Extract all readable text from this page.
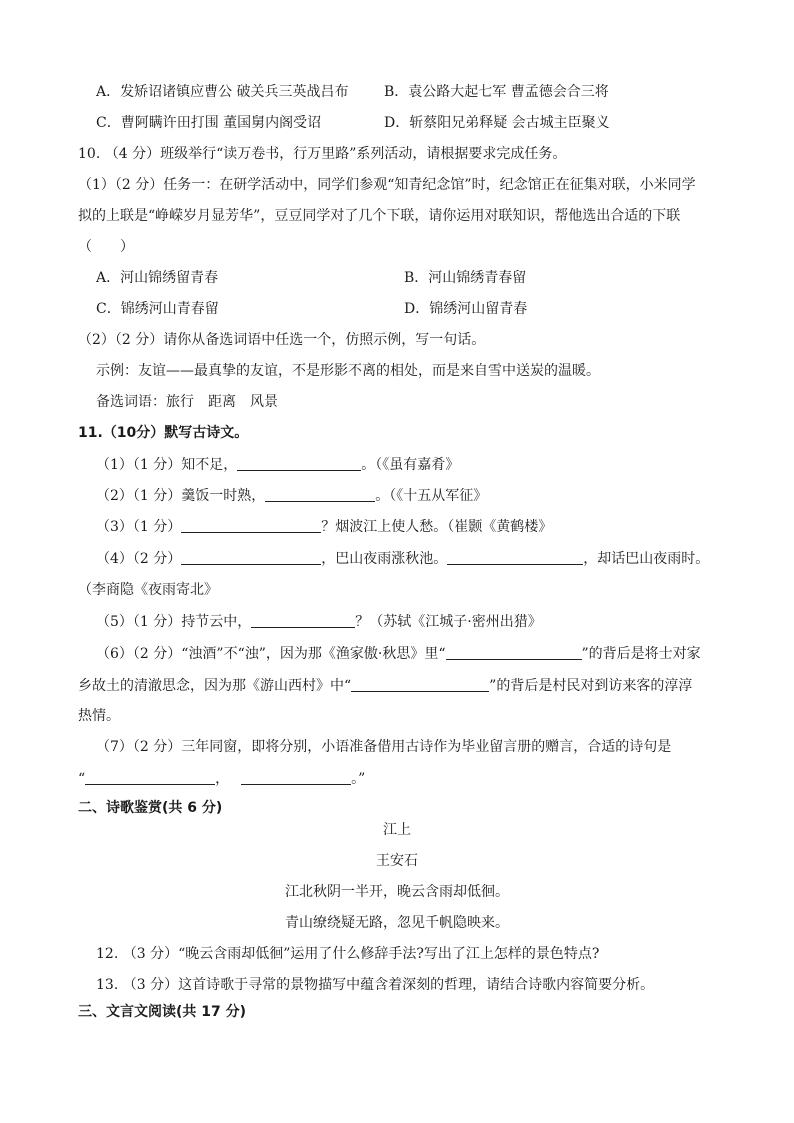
A．发矫诏诸镇应曹公 破关兵三英战吕布	B．袁公路大起七军 曹孟德会合三将
C．曹阿瞒许田打围 董国舅内阁受诏	D．斩蔡阳兄弟释疑 会古城主臣聚义
10. （4 分）班级举行“读万卷书，行万里路”系列活动，请根据要求完成任务。
（1）（2 分）任务一：在研学活动中，同学们参观“知青纪念馆”时，纪念馆正在征集对联，小米同学
拟的上联是“峥嵘岁月显芳华”，豆豆同学对了几个下联，请你运用对联知识，帮他选出合适的下联
（　　）
A．河山锦绣留青春	B．河山锦绣青春留
C．锦绣河山青春留	D．锦绣河山留青春
（2）（2 分）请你从备选词语中任选一个，仿照示例，写一句话。
示例：友谊——最真挚的友谊，不是形影不离的相处，而是来自雪中送炭的温暖。
备选词语：旅行　距离　风景
11.（10分）默写古诗文。
（1）（1 分）知不足，	。（《虽有嘉肴》
（2）（1 分）羹饭一时熟，	。（《十五从军征》
（3）（1 分）	？烟波江上使人愁。（崔颢《黄鹤楼》
（4）（2 分）	，巴山夜雨涨秋池。	，却话巴山夜雨时。
（李商隐《夜雨寄北》
（5）（1 分）持节云中，	？（苏轼《江城子·密州出猎》
（6）（2 分）“浊酒”不“浊”，因为那《渔家傲·秋思》里“	”的背后是将士对家
乡故土的清澈思念，因为那《游山西村》中“	”的背后是村民对到访来客的淳淳
热情。
（7）（2 分）三年同窗，即将分别，小语准备借用古诗作为毕业留言册的赠言，合适的诗句是
“	，	。”
二、诗歌鉴赏(共 6 分)
江上
王安石
江北秋阴一半开，晚云含雨却低徊。
青山缭绕疑无路，忽见千帆隐映来。
12. （3 分）“晚云含雨却低徊”运用了什么修辞手法?写出了江上怎样的景色特点?
13. （3 分）这首诗歌于寻常的景物描写中蕴含着深刻的哲理，请结合诗歌内容简要分析。
三、文言文阅读(共 17 分)
